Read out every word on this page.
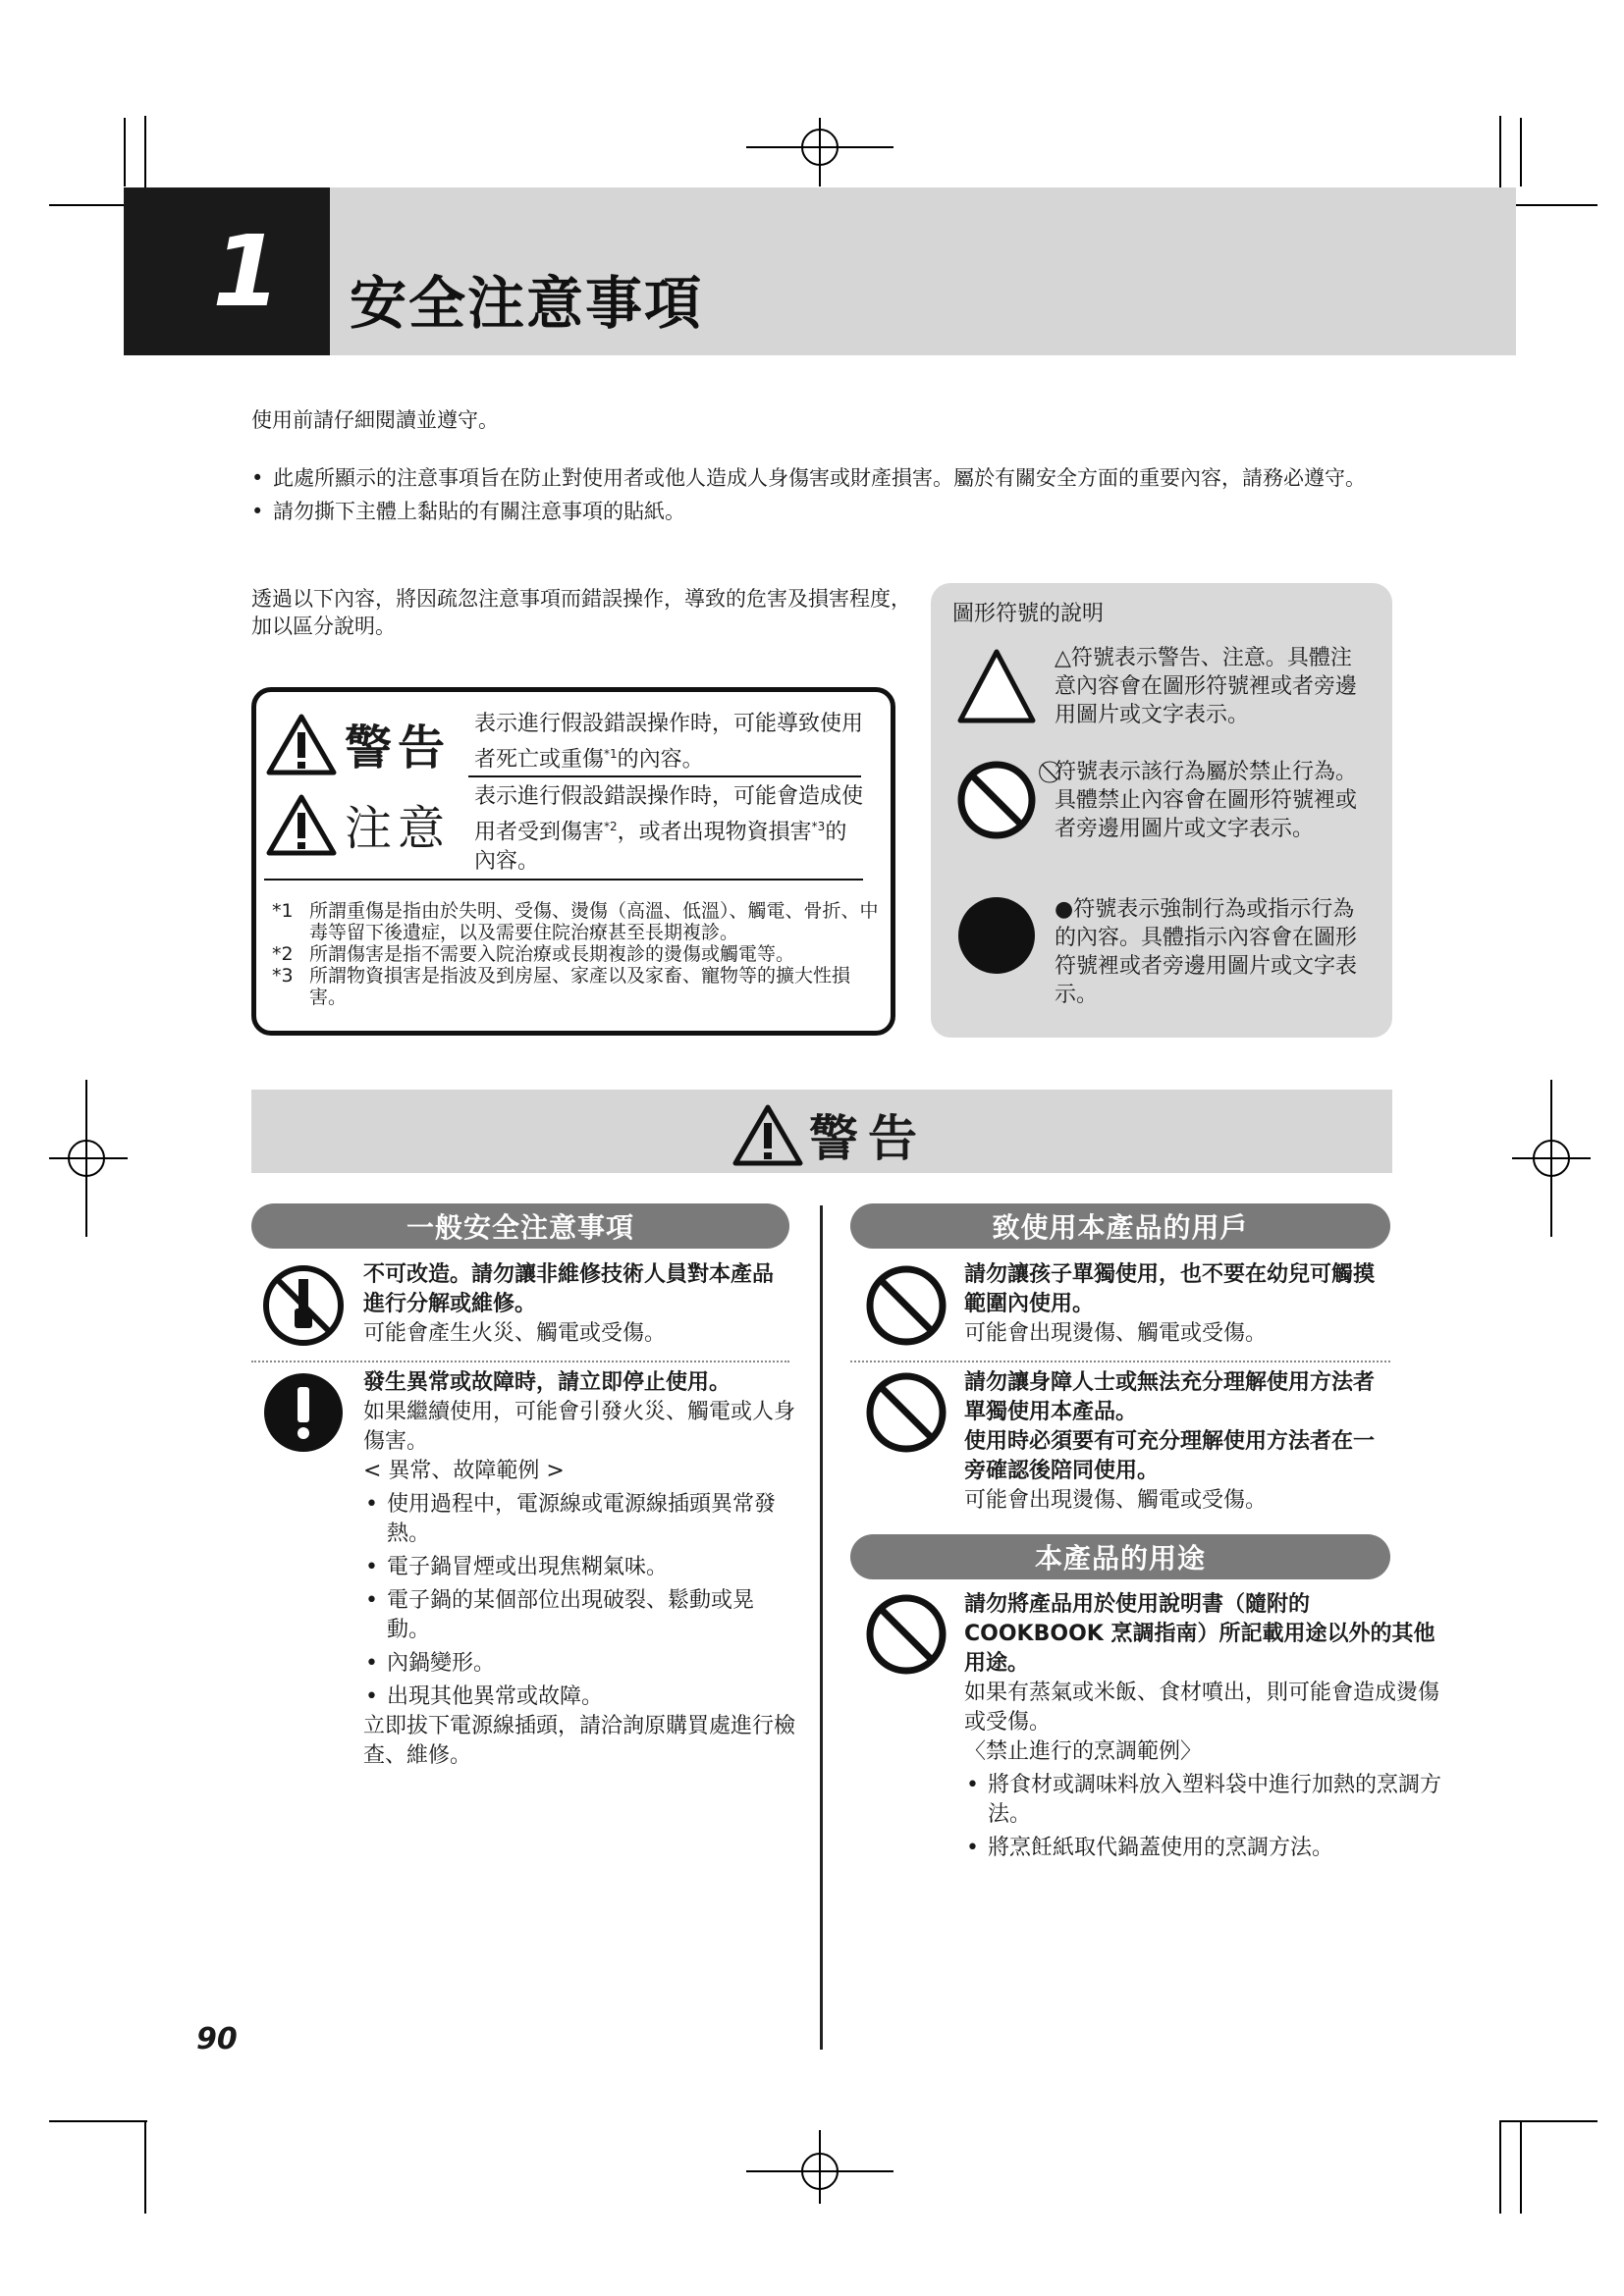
1	安全注意事項
使用前請仔細閱讀並遵守。
• 此處所顯示的注意事項旨在防止對使用者或他人造成人身傷害或財產損害。屬於有關安全方面的重要內容，請務必遵守。
• 請勿撕下主體上黏貼的有關注意事項的貼紙。
透過以下內容，將因疏忽注意事項而錯誤操作，導致的危害及損害程度，加以區分說明。
警告 表示進行假設錯誤操作時，可能導致使用者死亡或重傷$^{*1}$的內容。
注意
表示進行假設錯誤操作時，可能會造成使用者受到傷害$^{*2}$，或者出現物資損害$^{*3}$的內容。
*1 所謂重傷是指由於失明、受傷、燙傷（高溫、低溫）、觸電、骨折、中毒等留下後遺症，以及需要住院治療甚至長期複診。
*2 所謂傷害是指不需要入院治療或長期複診的燙傷或觸電等。
*3 所謂物資損害是指波及到房屋、家產以及家畜、寵物等的擴大性損害。
圖形符號的說明
△符號表示警告、注意。具體注意內容會在圖形符號裡或者旁邊用圖片或文字表示。
⃠符號表示該行為屬於禁止行為。具體禁止內容會在圖形符號裡或者旁邊用圖片或文字表示。
●符號表示強制行為或指示行為的內容。具體指示內容會在圖形符號裡或者旁邊用圖片或文字表示。
警告
一般安全注意事項
不可改造。請勿讓非維修技術人員對本產品進行分解或維修。
可能會產生火災、觸電或受傷。
發生異常或故障時，請立即停止使用。
如果繼續使用，可能會引發火災、觸電或人身傷害。
< 異常、故障範例 >
• 使用過程中，電源線或電源線插頭異常發熱。
• 電子鍋冒煙或出現焦糊氣味。
• 電子鍋的某個部位出現破裂、鬆動或晃動。
• 內鍋變形。
• 出現其他異常或故障。
立即拔下電源線插頭，請洽詢原購買處進行檢查、維修。
致使用本產品的用戶
請勿讓孩子單獨使用，也不要在幼兒可觸摸範圍內使用。
可能會出現燙傷、觸電或受傷。
請勿讓身障人士或無法充分理解使用方法者單獨使用本產品。
使用時必須要有可充分理解使用方法者在一旁確認後陪同使用。
可能會出現燙傷、觸電或受傷。
本產品的用途
請勿將產品用於使用說明書（隨附的 COOKBOOK 烹調指南）所記載用途以外的其他用途。
如果有蒸氣或米飯、食材噴出，則可能會造成燙傷或受傷。
〈禁止進行的烹調範例〉
• 將食材或調味料放入塑料袋中進行加熱的烹調方法。
• 將烹飪紙取代鍋蓋使用的烹調方法。
90
